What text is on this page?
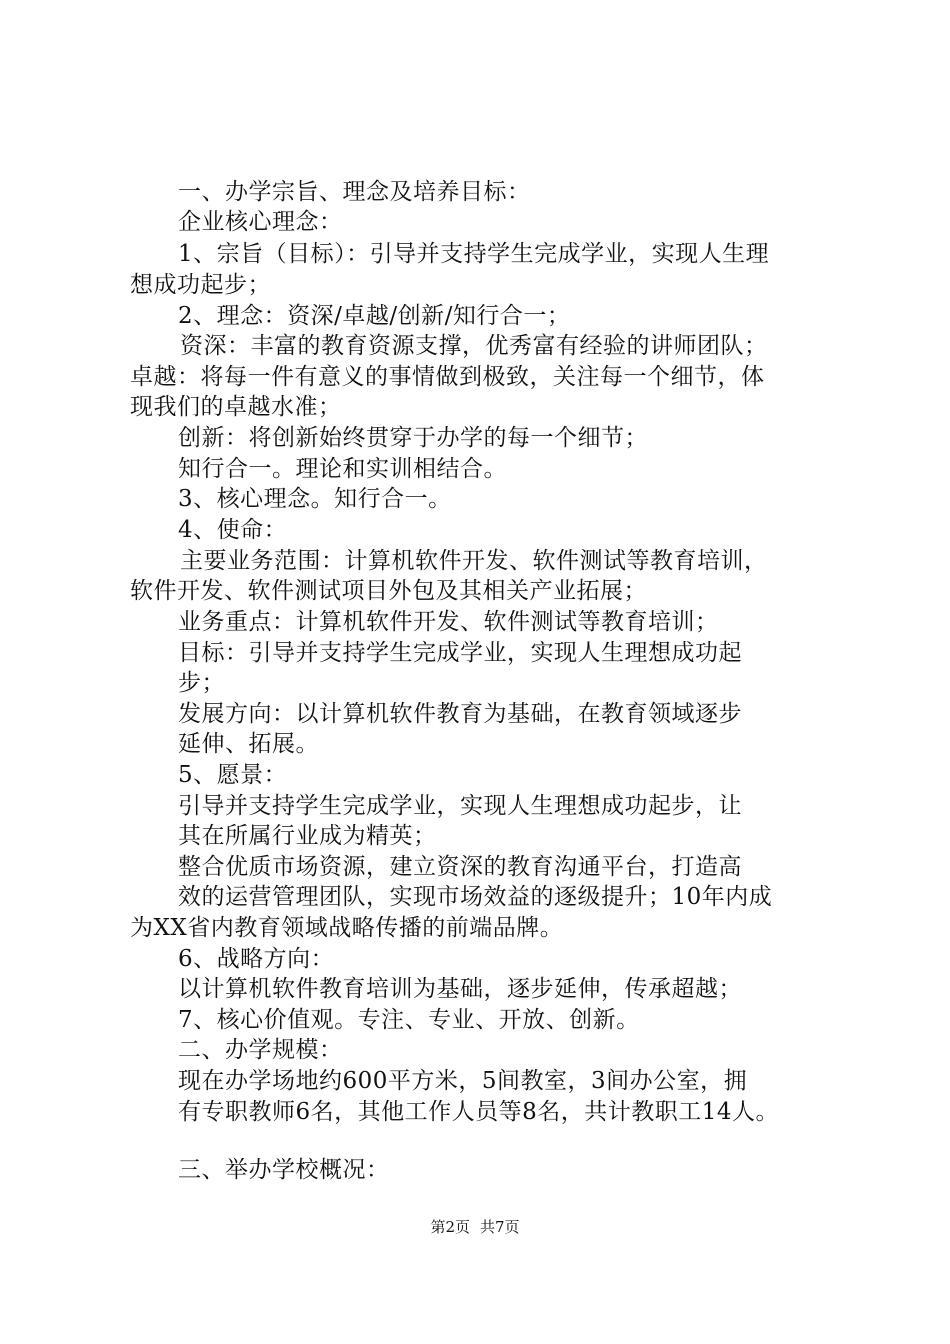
一、办学宗旨、理念及培养目标：
企业核心理念：
1、宗旨（目标）：引导并支持学生完成学业，实现人生理
想成功起步；
2、理念：资深/卓越/创新/知行合一；
资深：丰富的教育资源支撑，优秀富有经验的讲师团队；
卓越：将每一件有意义的事情做到极致，关注每一个细节，体
现我们的卓越水准；
创新：将创新始终贯穿于办学的每一个细节；
知行合一。理论和实训相结合。
3、核心理念。知行合一。
4、使命：
主要业务范围：计算机软件开发、软件测试等教育培训，
软件开发、软件测试项目外包及其相关产业拓展；
业务重点：计算机软件开发、软件测试等教育培训；
目标：引导并支持学生完成学业，实现人生理想成功起
步；
发展方向：以计算机软件教育为基础，在教育领域逐步
延伸、拓展。
5、愿景：
引导并支持学生完成学业，实现人生理想成功起步，让
其在所属行业成为精英；
整合优质市场资源，建立资深的教育沟通平台，打造高
效的运营管理团队，实现市场效益的逐级提升；10年内成
为XX省内教育领域战略传播的前端品牌。
6、战略方向：
以计算机软件教育培训为基础，逐步延伸，传承超越；
7、核心价值观。专注、专业、开放、创新。
二、办学规模：
现在办学场地约600平方米，5间教室，3间办公室，拥
有专职教师6名，其他工作人员等8名，共计教职工14人。
三、举办学校概况：
第2页 共7页
